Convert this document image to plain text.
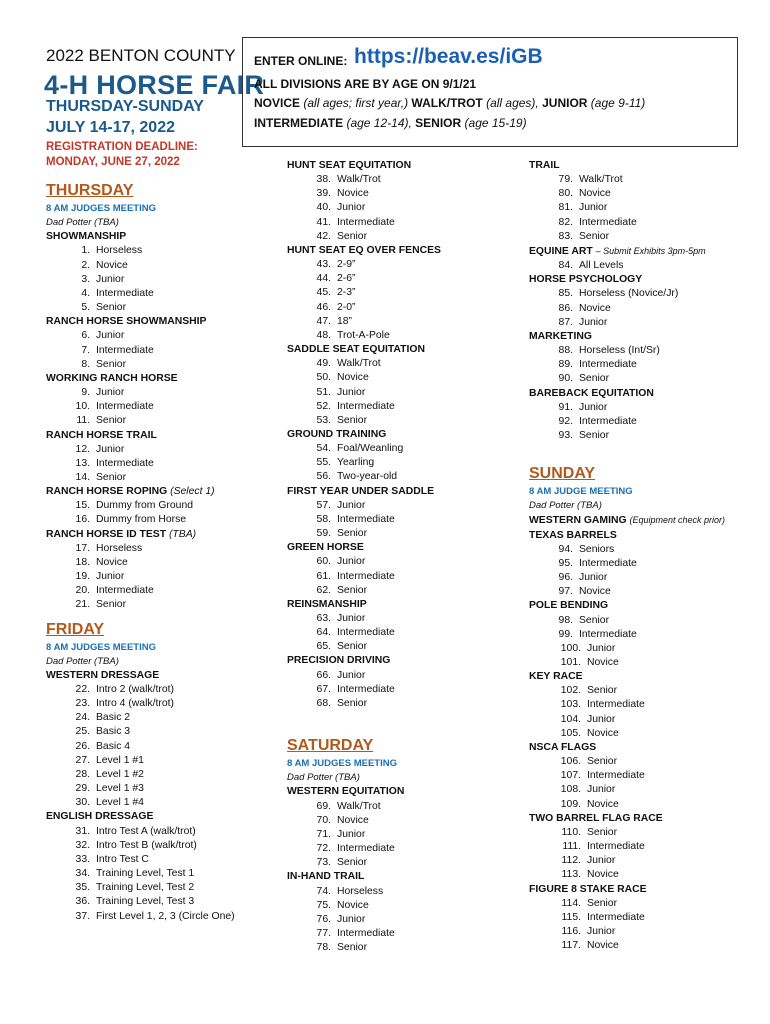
2022 BENTON COUNTY
4-H HORSE FAIR
THURSDAY-SUNDAY
JULY 14-17, 2022
REGISTRATION DEADLINE:
MONDAY, JUNE 27, 2022
ENTER ONLINE: https://beav.es/iGB
ALL DIVISIONS ARE BY AGE ON 9/1/21
NOVICE (all ages; first year,) WALK/TROT (all ages), JUNIOR (age 9-11)
INTERMEDIATE (age 12-14), SENIOR (age 15-19)
THURSDAY
8 AM JUDGES MEETING
Dad Potter (TBA)
SHOWMANSHIP
1. Horseless
2. Novice
3. Junior
4. Intermediate
5. Senior
RANCH HORSE SHOWMANSHIP
6. Junior
7. Intermediate
8. Senior
WORKING RANCH HORSE
9. Junior
10. Intermediate
11. Senior
RANCH HORSE TRAIL
12. Junior
13. Intermediate
14. Senior
RANCH HORSE ROPING (Select 1)
15. Dummy from Ground
16. Dummy from Horse
RANCH HORSE ID TEST (TBA)
17. Horseless
18. Novice
19. Junior
20. Intermediate
21. Senior
FRIDAY
8 AM JUDGES MEETING
Dad Potter (TBA)
WESTERN DRESSAGE
22. Intro 2 (walk/trot)
23. Intro 4 (walk/trot)
24. Basic 2
25. Basic 3
26. Basic 4
27. Level 1 #1
28. Level 1 #2
29. Level 1 #3
30. Level 1 #4
ENGLISH DRESSAGE
31. Intro Test A (walk/trot)
32. Intro Test B (walk/trot)
33. Intro Test C
34. Training Level, Test 1
35. Training Level, Test 2
36. Training Level, Test 3
37. First Level 1, 2, 3 (Circle One)
HUNT SEAT EQUITATION
38. Walk/Trot
39. Novice
40. Junior
41. Intermediate
42. Senior
HUNT SEAT EQ OVER FENCES
43. 2-9”
44. 2-6”
45. 2-3”
46. 2-0”
47. 18”
48. Trot-A-Pole
SADDLE SEAT EQUITATION
49. Walk/Trot
50. Novice
51. Junior
52. Intermediate
53. Senior
GROUND TRAINING
54. Foal/Weanling
55. Yearling
56. Two-year-old
FIRST YEAR UNDER SADDLE
57. Junior
58. Intermediate
59. Senior
GREEN HORSE
60. Junior
61. Intermediate
62. Senior
REINSMANSHIP
63. Junior
64. Intermediate
65. Senior
PRECISION DRIVING
66. Junior
67. Intermediate
68. Senior
SATURDAY
8 AM JUDGES MEETING
Dad Potter (TBA)
WESTERN EQUITATION
69. Walk/Trot
70. Novice
71. Junior
72. Intermediate
73. Senior
IN-HAND TRAIL
74. Horseless
75. Novice
76. Junior
77. Intermediate
78. Senior
TRAIL
79. Walk/Trot
80. Novice
81. Junior
82. Intermediate
83. Senior
EQUINE ART – Submit Exhibits 3pm-5pm
84. All Levels
HORSE PSYCHOLOGY
85. Horseless (Novice/Jr)
86. Novice
87. Junior
MARKETING
88. Horseless (Int/Sr)
89. Intermediate
90. Senior
BAREBACK EQUITATION
91. Junior
92. Intermediate
93. Senior
SUNDAY
8 AM JUDGE MEETING
Dad Potter (TBA)
WESTERN GAMING (Equipment check prior)
TEXAS BARRELS
94. Seniors
95. Intermediate
96. Junior
97. Novice
POLE BENDING
98. Senior
99. Intermediate
100. Junior
101. Novice
KEY RACE
102. Senior
103. Intermediate
104. Junior
105. Novice
NSCA FLAGS
106. Senior
107. Intermediate
108. Junior
109. Novice
TWO BARREL FLAG RACE
110. Senior
111. Intermediate
112. Junior
113. Novice
FIGURE 8 STAKE RACE
114. Senior
115. Intermediate
116. Junior
117. Novice
